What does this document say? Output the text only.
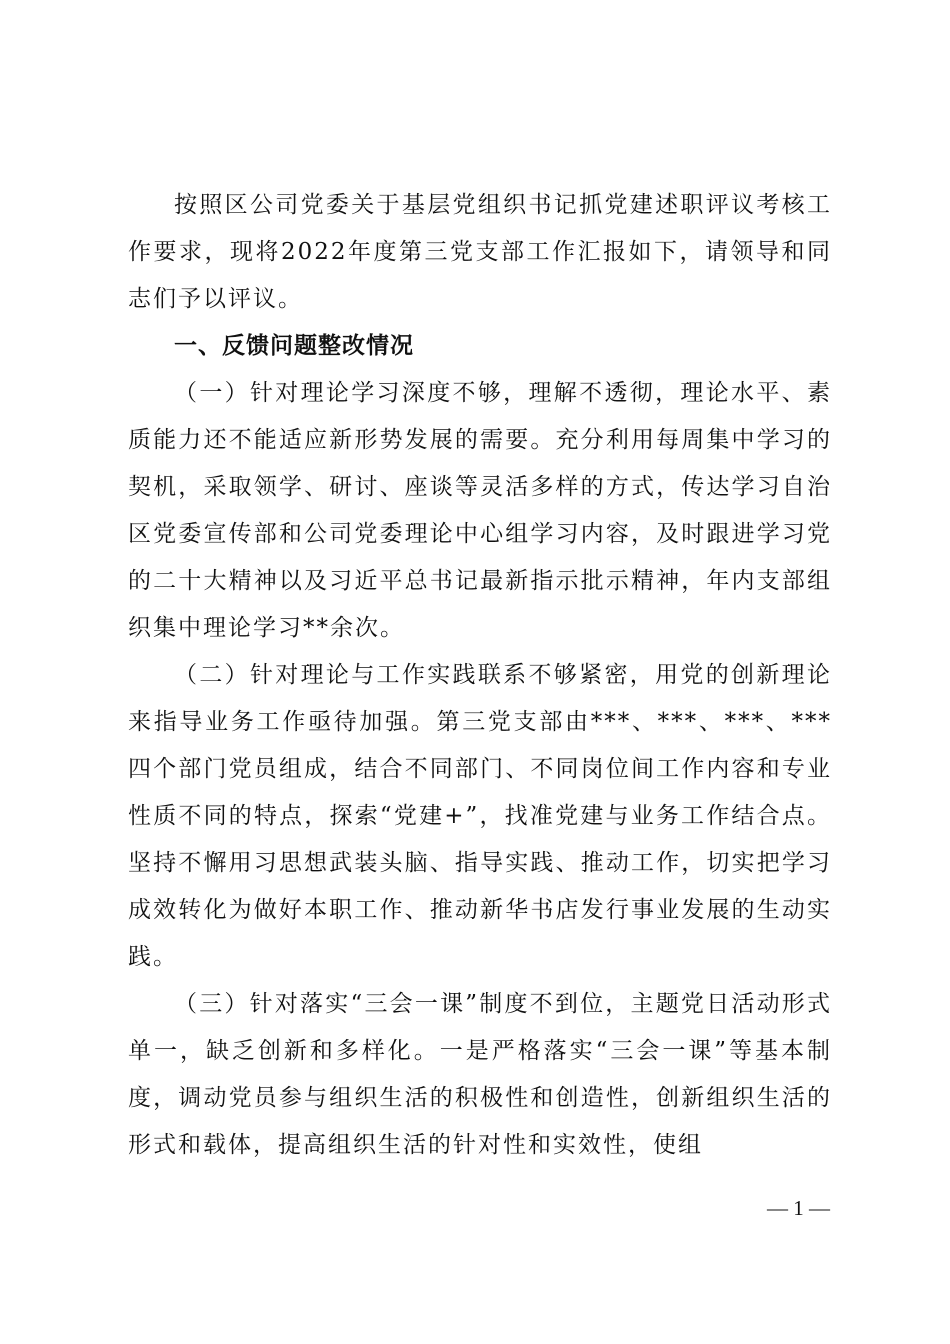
按照区公司党委关于基层党组织书记抓党建述职评议考核工作要求，现将2022年度第三党支部工作汇报如下，请领导和同志们予以评议。

一、反馈问题整改情况

（一）针对理论学习深度不够，理解不透彻，理论水平、素质能力还不能适应新形势发展的需要。充分利用每周集中学习的契机，采取领学、研讨、座谈等灵活多样的方式，传达学习自治区党委宣传部和公司党委理论中心组学习内容，及时跟进学习党的二十大精神以及习近平总书记最新指示批示精神，年内支部组织集中理论学习**余次。

（二）针对理论与工作实践联系不够紧密，用党的创新理论来指导业务工作亟待加强。第三党支部由***、***、***、***四个部门党员组成，结合不同部门、不同岗位间工作内容和专业性质不同的特点，探索“党建+”，找准党建与业务工作结合点。坚持不懈用习思想武装头脑、指导实践、推动工作，切实把学习成效转化为做好本职工作、推动新华书店发行事业发展的生动实践。

（三）针对落实“三会一课”制度不到位，主题党日活动形式单一，缺乏创新和多样化。一是严格落实“三会一课”等基本制度，调动党员参与组织生活的积极性和创造性，创新组织生活的形式和载体，提高组织生活的针对性和实效性，使组

— 1 —
